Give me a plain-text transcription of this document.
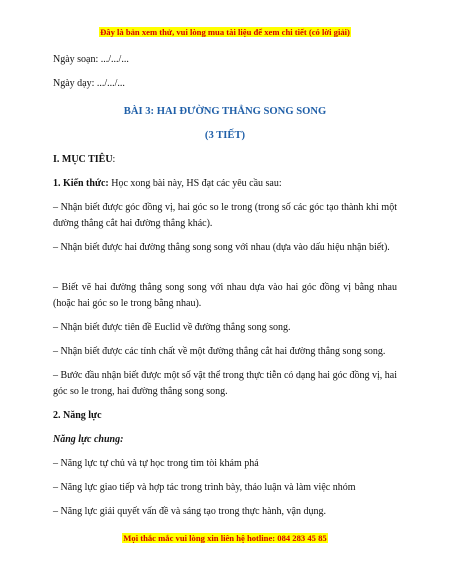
Đây là bản xem thử, vui lòng mua tài liệu để xem chi tiết (có lời giải)
Ngày soạn: .../.../...
Ngày dạy: .../.../...
BÀI 3: HAI ĐƯỜNG THẲNG SONG SONG
(3 TIẾT)
I. MỤC TIÊU:
1. Kiến thức: Học xong bài này, HS đạt các yêu cầu sau:
– Nhận biết được góc đồng vị, hai góc so le trong (trong số các góc tạo thành khi một đường thẳng cắt hai đường thẳng khác).
– Nhận biết được hai đường thẳng song song với nhau (dựa vào dấu hiệu nhận biết).
– Biết vẽ hai đường thẳng song song với nhau dựa vào hai góc đồng vị bằng nhau (hoặc hai góc so le trong bằng nhau).
– Nhận biết được tiên đề Euclid về đường thẳng song song.
– Nhận biết được các tính chất về một đường thẳng cắt hai đường thẳng song song.
– Bước đầu nhận biết được một số vật thể trong thực tiễn có dạng hai góc đồng vị, hai góc so le trong, hai đường thẳng song song.
2. Năng lực
Năng lực chung:
– Năng lực tự chủ và tự học trong tìm tòi khám phá
– Năng lực giao tiếp và hợp tác trong trình bày, thảo luận và làm việc nhóm
– Năng lực giải quyết vấn đề và sáng tạo trong thực hành, vận dụng.
Mọi thắc mắc vui lòng xin liên hệ hotline: 084 283 45 85
